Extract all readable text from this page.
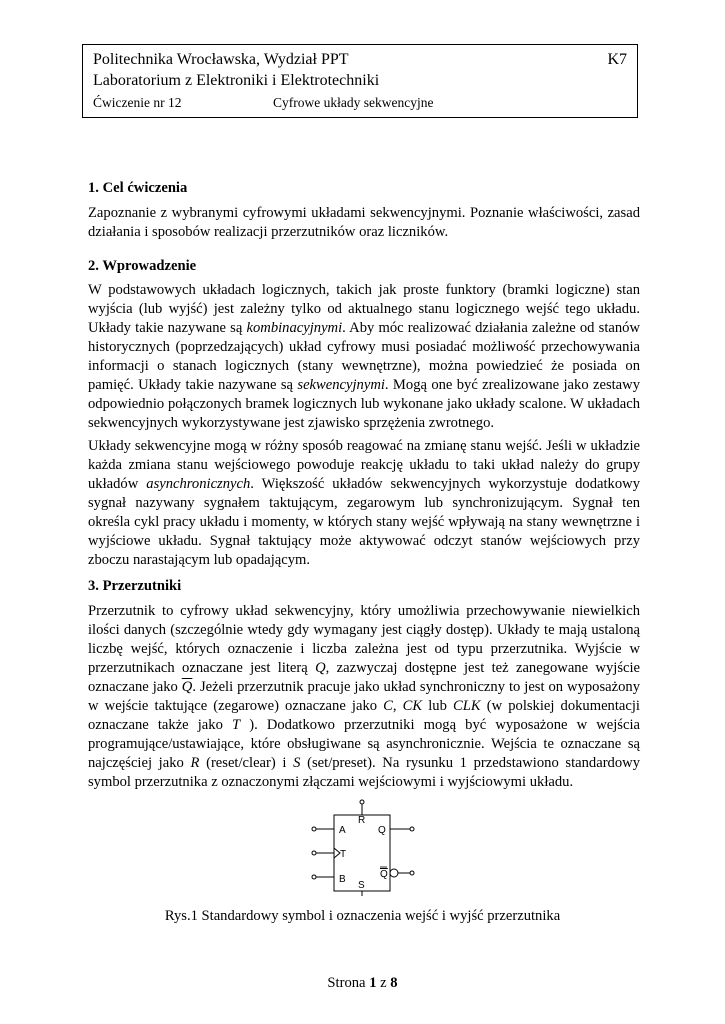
Politechnika Wrocławska, Wydział PPT	K7
Laboratorium z Elektroniki i Elektrotechniki
Ćwiczenie nr 12	Cyfrowe układy sekwencyjne
1. Cel ćwiczenia

Zapoznanie z wybranymi cyfrowymi układami sekwencyjnymi. Poznanie właściwości, zasad działania i sposobów realizacji przerzutników oraz liczników.

2. Wprowadzenie

W podstawowych układach logicznych, takich jak proste funktory (bramki logiczne) stan wyjścia (lub wyjść) jest zależny tylko od aktualnego stanu logicznego wejść tego układu. Układy takie nazywane są kombinacyjnymi. Aby móc realizować działania zależne od stanów historycznych (poprzedzających) układ cyfrowy musi posiadać możliwość przechowywania informacji o stanach logicznych (stany wewnętrzne), można powiedzieć że posiada on pamięć. Układy takie nazywane są sekwencyjnymi. Mogą one być zrealizowane jako zestawy odpowiednio połączonych bramek logicznych lub wykonane jako układy scalone. W układach sekwencyjnych wykorzystywane jest zjawisko sprzężenia zwrotnego.

Układy sekwencyjne mogą w różny sposób reagować na zmianę stanu wejść. Jeśli w układzie każda zmiana stanu wejściowego powoduje reakcję układu to taki układ należy do grupy układów asynchronicznych. Większość układów sekwencyjnych wykorzystuje dodatkowy sygnał nazywany sygnałem taktującym, zegarowym lub synchronizującym. Sygnał ten określa cykl pracy układu i momenty, w których stany wejść wpływają na stany wewnętrzne i wyjściowe układu. Sygnał taktujący może aktywować odczyt stanów wejściowych przy zboczu narastającym lub opadającym.

3. Przerzutniki

Przerzutnik to cyfrowy układ sekwencyjny, który umożliwia przechowywanie niewielkich ilości danych (szczególnie wtedy gdy wymagany jest ciągły dostęp). Układy te mają ustaloną liczbę wejść, których oznaczenie i liczba zależna jest od typu przerzutnika. Wyjście w przerzutnikach oznaczane jest literą Q, zazwyczaj dostępne jest też zanegowane wyjście oznaczane jako $\overline{Q}$. Jeżeli przerzutnik pracuje jako układ synchroniczny to jest on wyposażony w wejście taktujące (zegarowe) oznaczane jako C, CK lub CLK (w polskiej dokumentacji oznaczane także jako T ). Dodatkowo przerzutniki mogą być wyposażone w wejścia programujące/ustawiające, które obsługiwane są asynchronicznie. Wejścia te oznaczane są najczęściej jako R (reset/clear) i S (set/preset). Na rysunku 1 przedstawiono standardowy symbol przerzutnika z oznaczonymi złączami wejściowymi i wyjściowymi układu.

R
A	Q
T
B	Q
S
Rys.1 Standardowy symbol i oznaczenia wejść i wyjść przerzutnika
Strona 1 z 8
